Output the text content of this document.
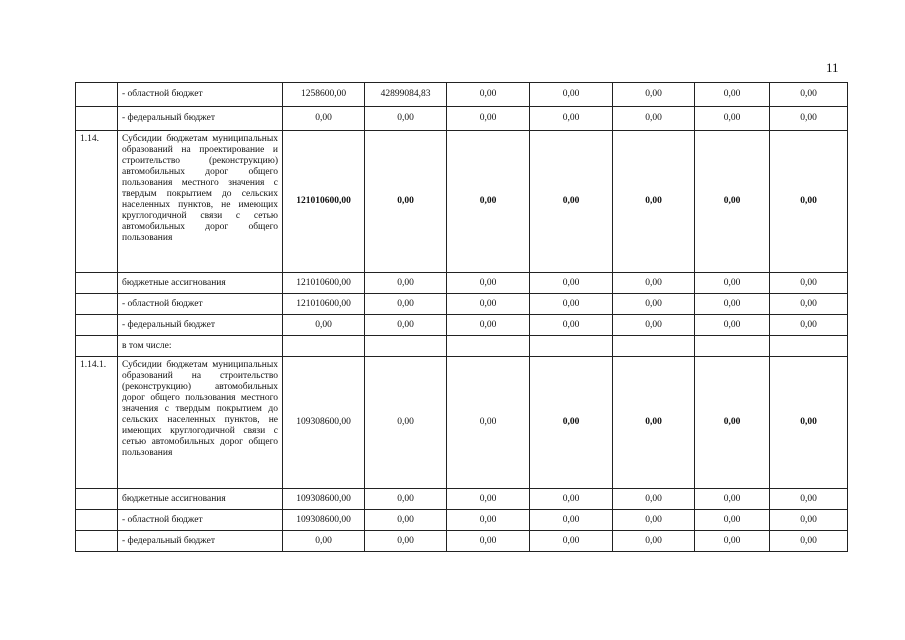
11
	- областной бюджет	1258600,00	42899084,83	0,00	0,00	0,00	0,00	0,00
	- федеральный бюджет	0,00	0,00	0,00	0,00	0,00	0,00	0,00
1.14.	Субсидии бюджетам муниципальных образований на проектирование и строительство (реконструкцию) автомобильных дорог общего пользования местного значения с твердым покрытием до сельских населенных пунктов, не имеющих круглогодичной связи с сетью автомобильных дорог общего пользования	121010600,00	0,00	0,00	0,00	0,00	0,00	0,00
	бюджетные ассигнования	121010600,00	0,00	0,00	0,00	0,00	0,00	0,00
	- областной бюджет	121010600,00	0,00	0,00	0,00	0,00	0,00	0,00
	- федеральный бюджет	0,00	0,00	0,00	0,00	0,00	0,00	0,00
	в том числе:							
1.14.1.	Субсидии бюджетам муниципальных образований на строительство (реконструкцию) автомобильных дорог общего пользования местного значения с твердым покрытием до сельских населенных пунктов, не имеющих круглогодичной связи с сетью автомобильных дорог общего пользования	109308600,00	0,00	0,00	0,00	0,00	0,00	0,00
	бюджетные ассигнования	109308600,00	0,00	0,00	0,00	0,00	0,00	0,00
	- областной бюджет	109308600,00	0,00	0,00	0,00	0,00	0,00	0,00
	- федеральный бюджет	0,00	0,00	0,00	0,00	0,00	0,00	0,00
